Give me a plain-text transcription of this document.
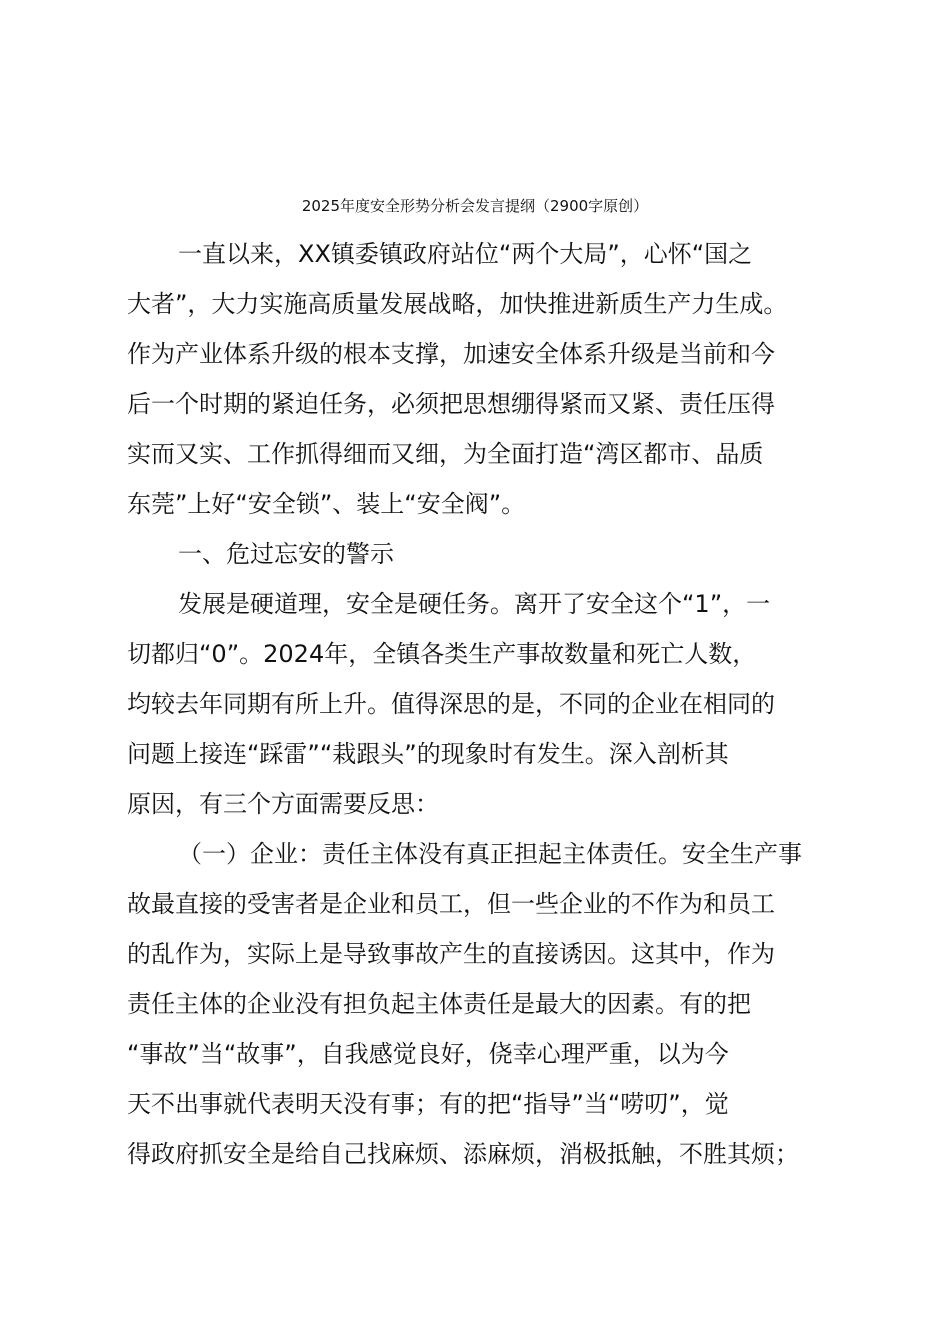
2025年度安全形势分析会发言提纲（2900字原创）
一直以来，XX镇委镇政府站位“两个大局”，心怀“国之
大者”，大力实施高质量发展战略，加快推进新质生产力生成。
作为产业体系升级的根本支撑，加速安全体系升级是当前和今
后一个时期的紧迫任务，必须把思想绷得紧而又紧、责任压得
实而又实、工作抓得细而又细，为全面打造“湾区都市、品质
东莞”上好“安全锁”、装上“安全阀”。
一、危过忘安的警示
发展是硬道理，安全是硬任务。离开了安全这个“1”，一
切都归“0”。2024年，全镇各类生产事故数量和死亡人数，
均较去年同期有所上升。值得深思的是，不同的企业在相同的
问题上接连“踩雷”“栽跟头”的现象时有发生。深入剖析其
原因，有三个方面需要反思：
（一）企业：责任主体没有真正担起主体责任。安全生产事
故最直接的受害者是企业和员工，但一些企业的不作为和员工
的乱作为，实际上是导致事故产生的直接诱因。这其中，作为
责任主体的企业没有担负起主体责任是最大的因素。有的把
“事故”当“故事”，自我感觉良好，侥幸心理严重，以为今
天不出事就代表明天没有事；有的把“指导”当“唠叨”，觉
得政府抓安全是给自己找麻烦、添麻烦，消极抵触，不胜其烦；
